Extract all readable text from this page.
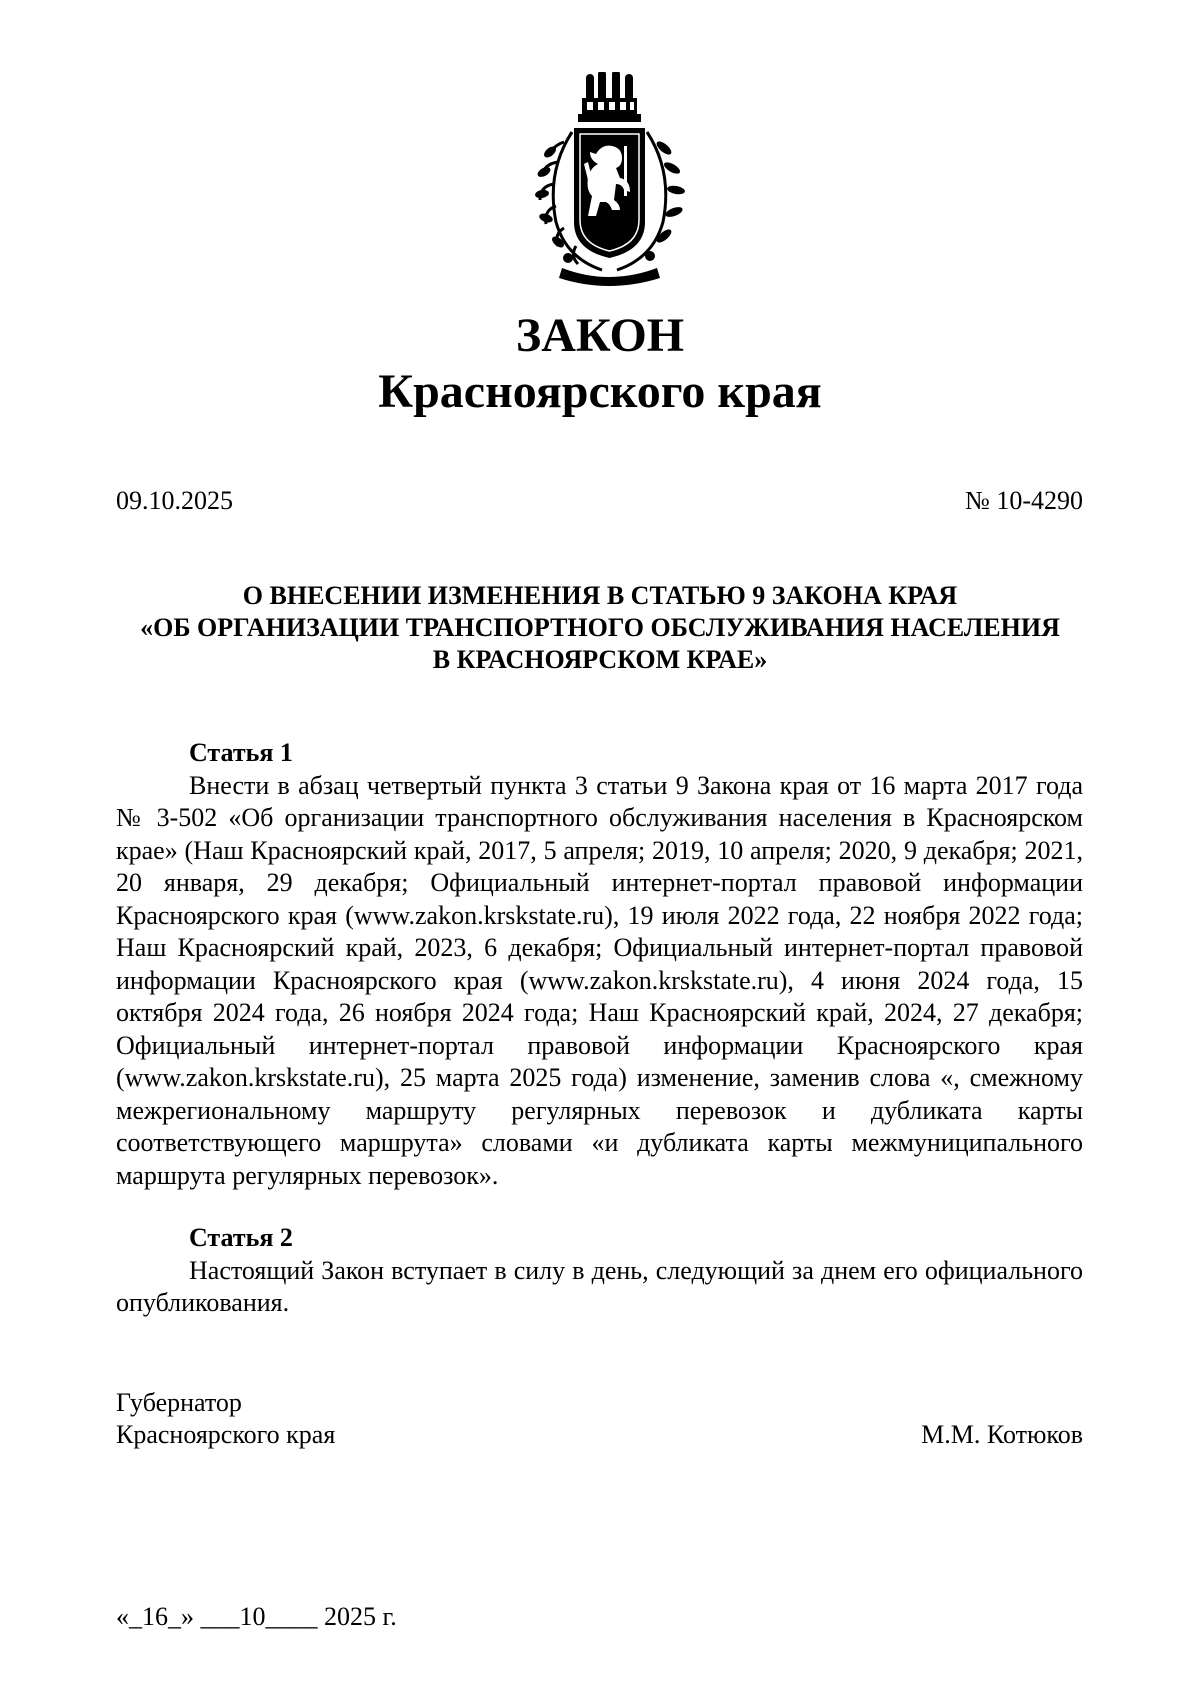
ЗАКОН
Красноярского края
09.10.2025	№ 10-4290
О ВНЕСЕНИИ ИЗМЕНЕНИЯ В СТАТЬЮ 9 ЗАКОНА КРАЯ
«ОБ ОРГАНИЗАЦИИ ТРАНСПОРТНОГО ОБСЛУЖИВАНИЯ НАСЕЛЕНИЯ
В КРАСНОЯРСКОМ КРАЕ»
Статья 1

Внести в абзац четвертый пункта 3 статьи 9 Закона края от 16 марта 2017 года № 3-502 «Об организации транспортного обслуживания населения в Красноярском крае» (Наш Красноярский край, 2017, 5 апреля; 2019, 10 апреля; 2020, 9 декабря; 2021, 20 января, 29 декабря; Официальный интернет-портал правовой информации Красноярского края (www.zakon.krskstate.ru), 19 июля 2022 года, 22 ноября 2022 года; Наш Красноярский край, 2023, 6 декабря; Официальный интернет-портал правовой информации Красноярского края (www.zakon.krskstate.ru), 4 июня 2024 года, 15 октября 2024 года, 26 ноября 2024 года; Наш Красноярский край, 2024, 27 декабря; Официальный интернет-портал правовой информации Красноярского края (www.zakon.krskstate.ru), 25 марта 2025 года) изменение, заменив слова «, смежному межрегиональному маршруту регулярных перевозок и дубликата карты соответствующего маршрута» словами «и дубликата карты межмуниципального маршрута регулярных перевозок».

Статья 2

Настоящий Закон вступает в силу в день, следующий за днем его официального опубликования.

Губернатор
Красноярского края	М.М. Котюков
«_16_» ___10____ 2025 г.
